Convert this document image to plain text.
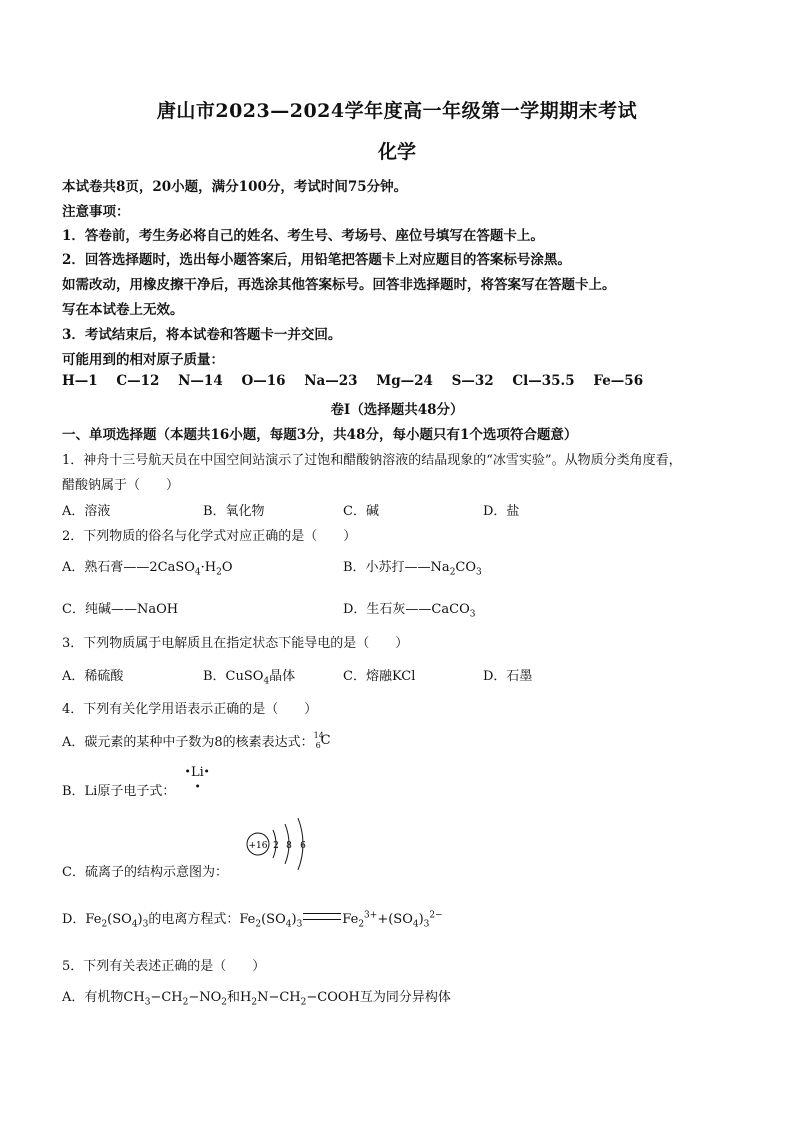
唐山市2023—2024学年度高一年级第一学期期末考试
化学
本试卷共8页，20小题，满分100分，考试时间75分钟。
注意事项：
1．答卷前，考生务必将自己的姓名、考生号、考场号、座位号填写在答题卡上。
2．回答选择题时，选出每小题答案后，用铅笔把答题卡上对应题目的答案标号涂黑。
如需改动，用橡皮擦干净后，再选涂其他答案标号。回答非选择题时，将答案写在答题卡上。
写在本试卷上无效。
3．考试结束后，将本试卷和答题卡一并交回。
可能用到的相对原子质量：
H—1 C—12 N—14 O—16 Na—23 Mg—24 S—32 Cl—35.5 Fe—56
卷Ⅰ（选择题共48分）
一、单项选择题（本题共16小题，每题3分，共48分，每小题只有1个选项符合题意）
1．神舟十三号航天员在中国空间站演示了过饱和醋酸钠溶液的结晶现象的“冰雪实验”。从物质分类角度看，
醋酸钠属于（　　）
A．溶液	B．氧化物	C．碱	D．盐
2．下列物质的俗名与化学式对应正确的是（　　）
A．熟石膏$——2CaSO_4\cdot H_2O$	B．小苏打$——Na_2CO_3$
C．纯碱——NaOH	D．生石灰——CaCO$_3$
3．下列物质属于电解质且在指定状态下能导电的是（　　）
A．稀硫酸	B．CuSO$_4$晶体	C．熔融KCl	D．石墨
4．下列有关化学用语表示正确的是（　　）
A．碳元素的某种中子数为8的核素表达式： 14
6 C
B．Li原子电子式：
● Li ●
●
C．硫离子的结构示意图为：
+16 2 8 6
D．$Fe_2(SO_4)_3$的电离方程式：$Fe_2(SO_4)_3$	$Fe_2^{3+}+(SO_4)_3^{2-}$
5．下列有关表述正确的是（　　）
A．有机物$CH_3-CH_2-NO_2$和$H_2N-CH_2-COOH$互为同分异构体
